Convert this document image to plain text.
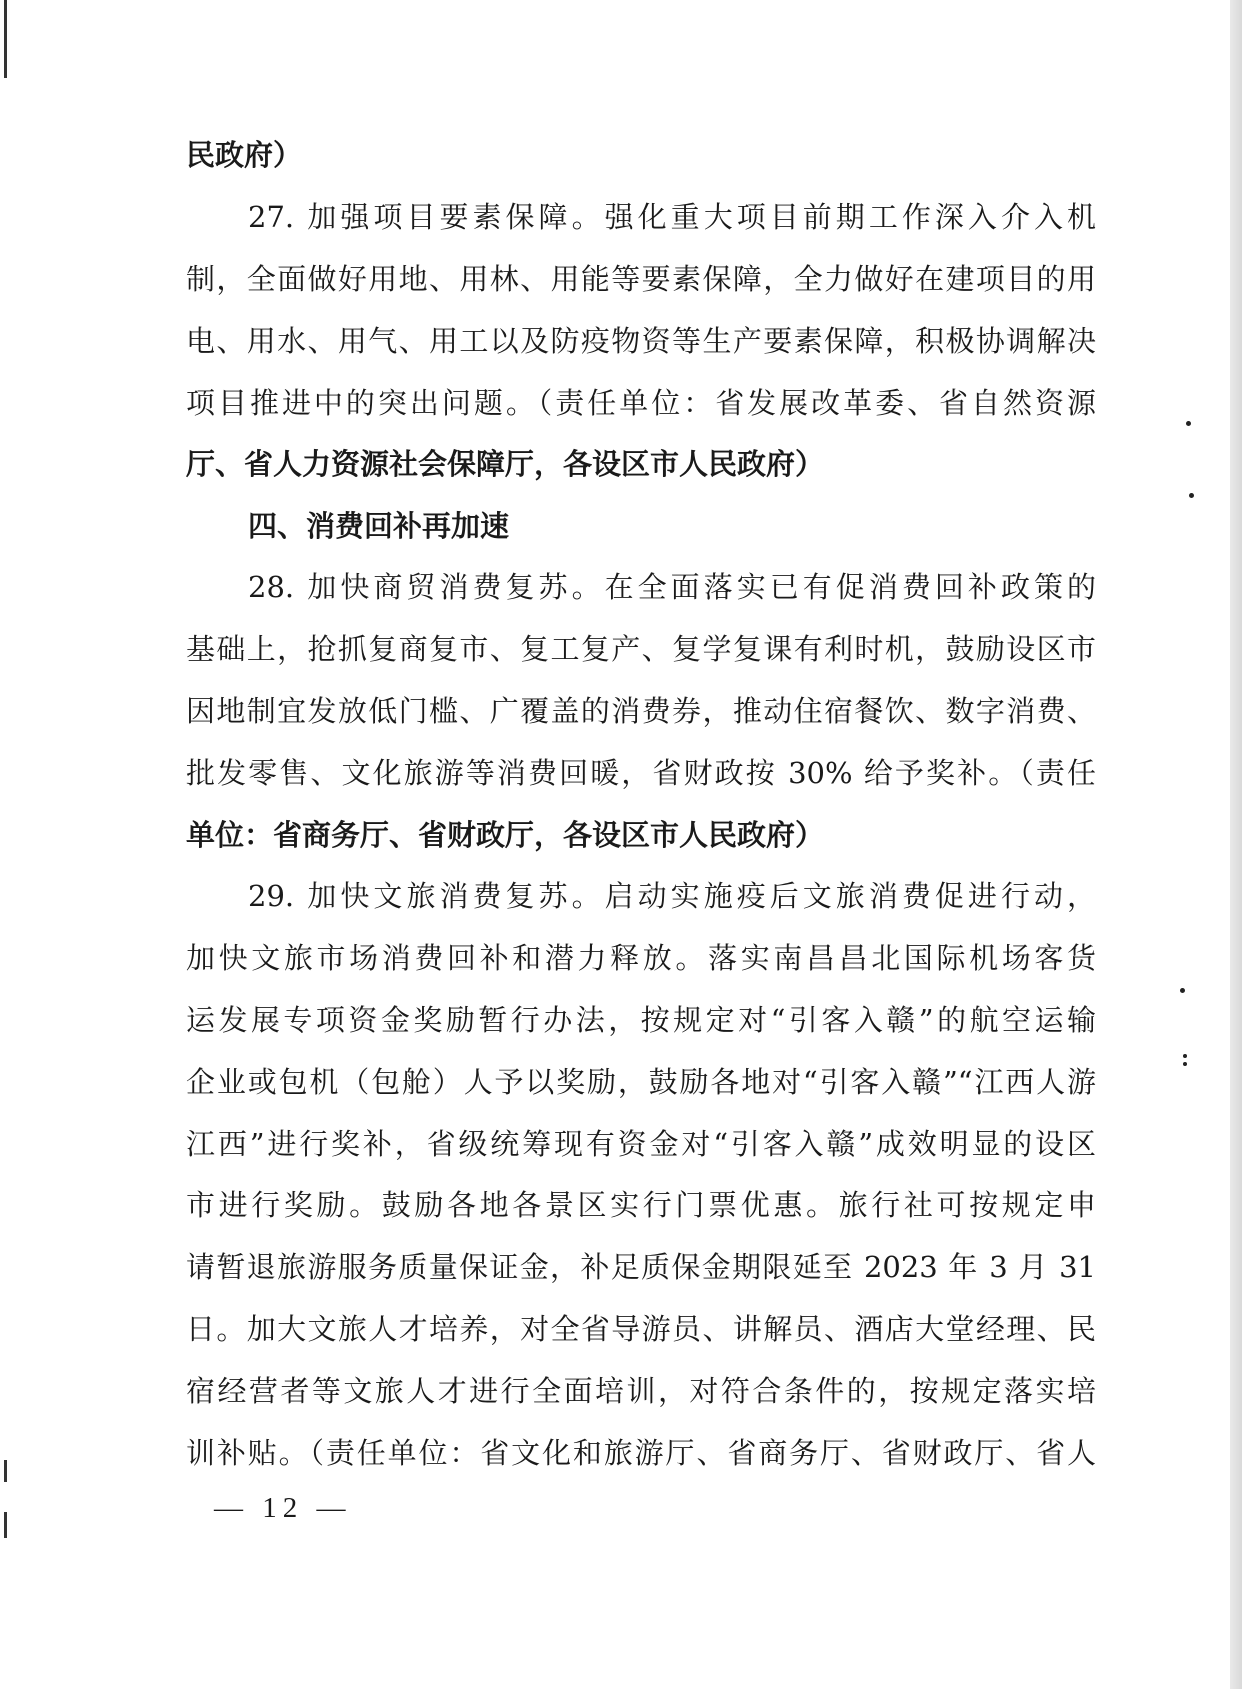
民政府）
27. 加强项目要素保障。强化重大项目前期工作深入介入机
制，全面做好用地、用林、用能等要素保障，全力做好在建项目的用
电、用水、用气、用工以及防疫物资等生产要素保障，积极协调解决
项目推进中的突出问题。（责任单位：省发展改革委、省自然资源
厅、省人力资源社会保障厅，各设区市人民政府）
四、消费回补再加速
28. 加快商贸消费复苏。在全面落实已有促消费回补政策的
基础上，抢抓复商复市、复工复产、复学复课有利时机，鼓励设区市
因地制宜发放低门槛、广覆盖的消费券，推动住宿餐饮、数字消费、
批发零售、文化旅游等消费回暖，省财政按 30% 给予奖补。（责任
单位：省商务厅、省财政厅，各设区市人民政府）
29. 加快文旅消费复苏。启动实施疫后文旅消费促进行动，
加快文旅市场消费回补和潜力释放。落实南昌昌北国际机场客货
运发展专项资金奖励暂行办法，按规定对“引客入赣”的航空运输
企业或包机（包舱）人予以奖励，鼓励各地对“引客入赣”“江西人游
江西”进行奖补，省级统筹现有资金对“引客入赣”成效明显的设区
市进行奖励。鼓励各地各景区实行门票优惠。旅行社可按规定申
请暂退旅游服务质量保证金，补足质保金期限延至 2023 年 3 月 31
日。加大文旅人才培养，对全省导游员、讲解员、酒店大堂经理、民
宿经营者等文旅人才进行全面培训，对符合条件的，按规定落实培
训补贴。（责任单位：省文化和旅游厅、省商务厅、省财政厅、省人
— 12 —
